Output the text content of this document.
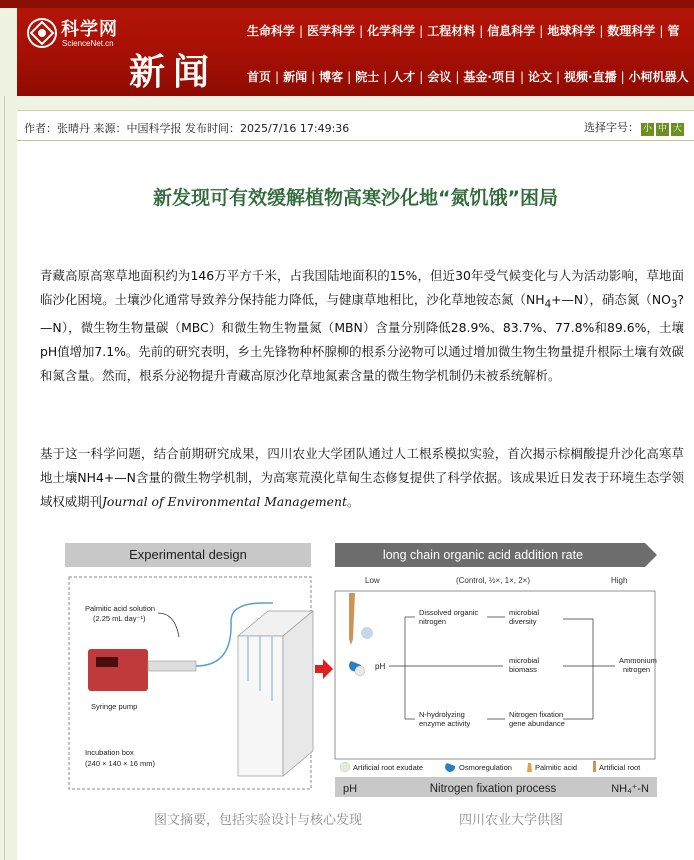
科学网
ScienceNet.cn
新闻
生命科学 | 医学科学 | 化学科学 | 工程材料 | 信息科学 | 地球科学 | 数理科学 | 管
首页 | 新闻 | 博客 | 院士 | 人才 | 会议 | 基金·项目 | 论文 | 视频·直播 | 小柯机器人
作者：张晴丹 来源：中国科学报 发布时间：2025/7/16 17:49:36	选择字号： 小 中 大
新发现可有效缓解植物高寒沙化地“氮饥饿”困局
青藏高原高寒草地面积约为146万平方千米，占我国陆地面积的15%，但近30年受气候变化与人为活动影响，草地面临沙化困境。土壤沙化通常导致养分保持能力降低，与健康草地相比，沙化草地铵态氮$(NH_4+—N)$，硝态氮$(NO_3?—N)$，微生物生物量碳（MBC）和微生物生物量氮（MBN）含量分别降低28.9%、83.7%、77.8%和89.6%，土壤pH值增加7.1%。先前的研究表明，乡土先锋物种杯腺柳的根系分泌物可以通过增加微生物生物量提升根际土壤有效碳和氮含量。然而，根系分泌物提升青藏高原沙化草地氮素含量的微生物学机制仍未被系统解析。
基于这一科学问题，结合前期研究成果，四川农业大学团队通过人工根系模拟实验，首次揭示棕榈酸提升沙化高寒草地土壤NH4+—N含量的微生物学机制，为高寒荒漠化草甸生态修复提供了科学依据。该成果近日发表于环境生态学领域权威期刊Journal of Environmental Management。
Experimental design	long chain organic acid addition rate
Low	(Control, ½×, 1×, 2×)	High
Palmitic acid solution
(2.25 mL day⁻¹)
Syringe pump
Incubation box
(240 × 140 × 16 mm)
pH
Dissolved organic
nitrogen
microbial
diversity
microbial
biomass
N-hydrolyzing
enzyme activity
Nitrogen fixation
gene abundance
Ammonium
nitrogen
Artificial root exudate	Osmoregulation	Palmitic acid	Artificial root
pH	Nitrogen fixation process	NH₄⁺-N
图文摘要，包括实验设计与核心发现	四川农业大学供图
